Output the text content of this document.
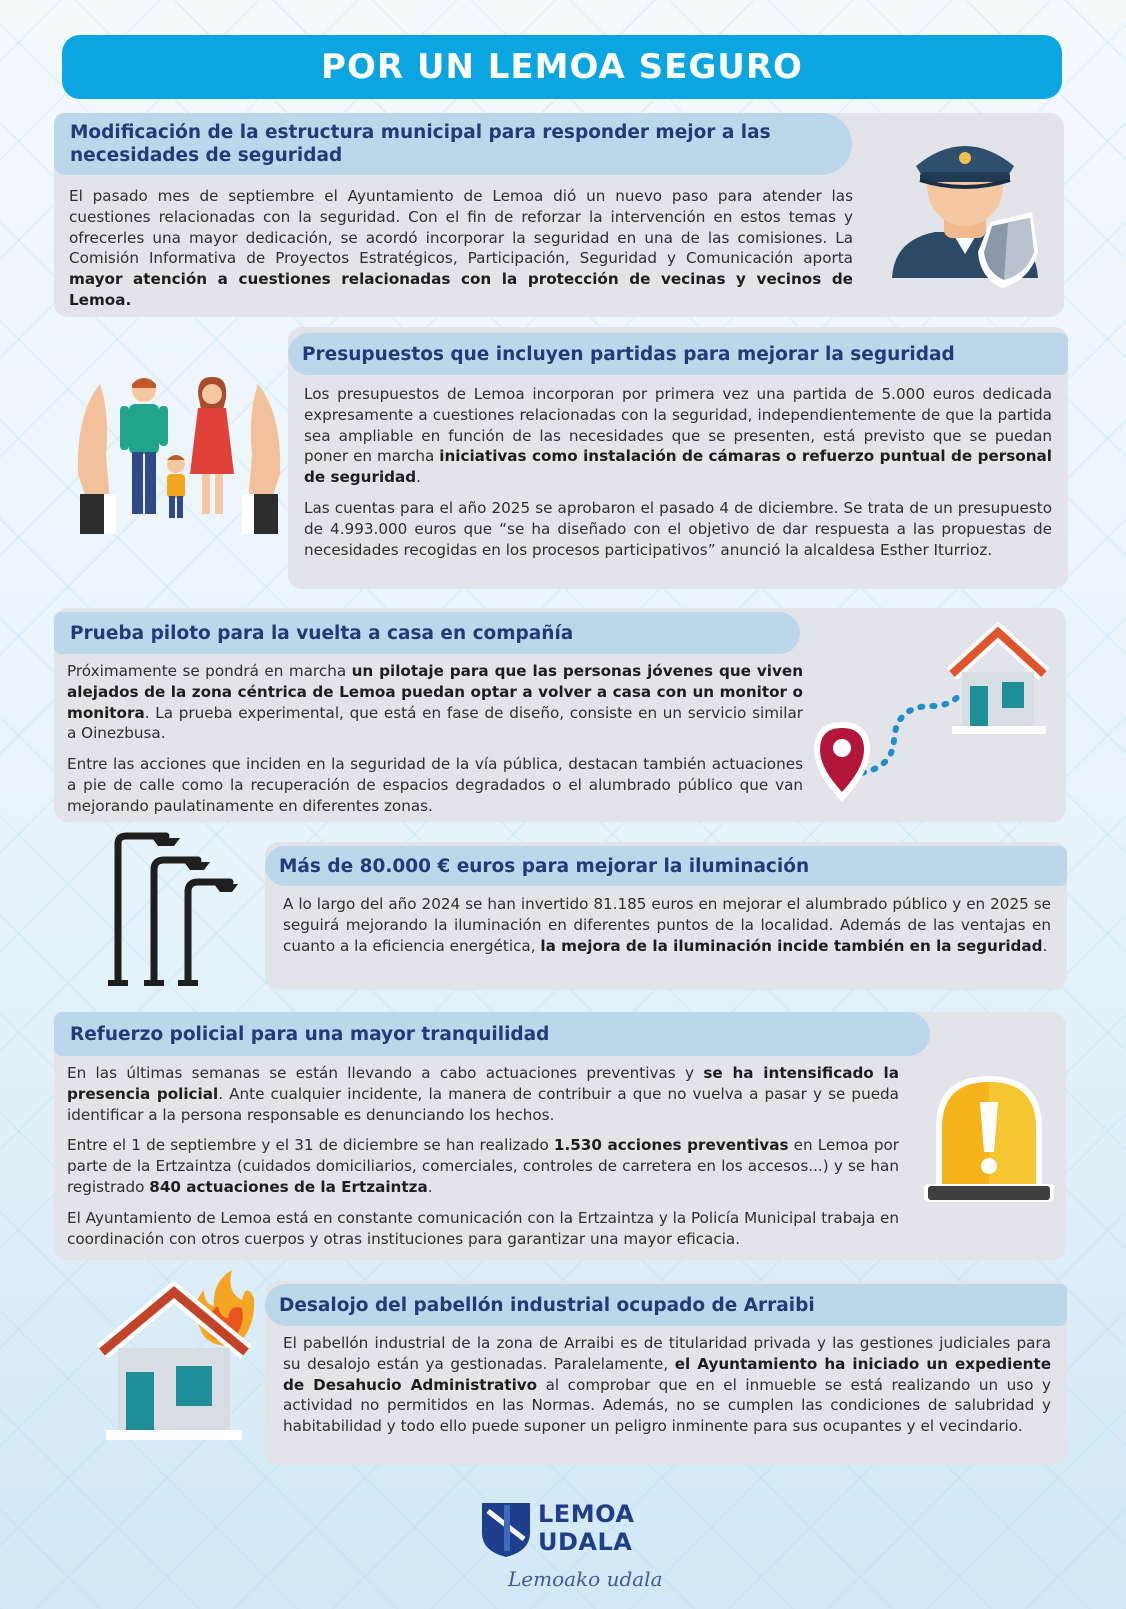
POR UN LEMOA SEGURO
Modificación de la estructura municipal para responder mejor a las necesidades de seguridad

El pasado mes de septiembre el Ayuntamiento de Lemoa dió un nuevo paso para atender las cuestiones relacionadas con la seguridad. Con el fin de reforzar la intervención en estos temas y ofrecerles una mayor dedicación, se acordó incorporar la seguridad en una de las comisiones. La Comisión Informativa de Proyectos Estratégicos, Participación, Seguridad y Comunicación aporta mayor atención a cuestiones relacionadas con la protección de vecinas y vecinos de Lemoa.

Presupuestos que incluyen partidas para mejorar la seguridad

Los presupuestos de Lemoa incorporan por primera vez una partida de 5.000 euros dedicada expresamente a cuestiones relacionadas con la seguridad, independientemente de que la partida sea ampliable en función de las necesidades que se presenten, está previsto que se puedan poner en marcha iniciativas como instalación de cámaras o refuerzo puntual de personal de seguridad.

Las cuentas para el año 2025 se aprobaron el pasado 4 de diciembre. Se trata de un presupuesto de 4.993.000 euros que “se ha diseñado con el objetivo de dar respuesta a las propuestas de necesidades recogidas en los procesos participativos” anunció la alcaldesa Esther Iturrioz.

Prueba piloto para la vuelta a casa en compañía

Próximamente se pondrá en marcha un pilotaje para que las personas jóvenes que viven alejados de la zona céntrica de Lemoa puedan optar a volver a casa con un monitor o monitora. La prueba experimental, que está en fase de diseño, consiste en un servicio similar a Oinezbusa.

Entre las acciones que inciden en la seguridad de la vía pública, destacan también actuaciones a pie de calle como la recuperación de espacios degradados o el alumbrado público que van mejorando paulatinamente en diferentes zonas.

Más de 80.000 € euros para mejorar la iluminación

A lo largo del año 2024 se han invertido 81.185 euros en mejorar el alumbrado público y en 2025 se seguirá mejorando la iluminación en diferentes puntos de la localidad. Además de las ventajas en cuanto a la eficiencia energética, la mejora de la iluminación incide también en la seguridad.

Refuerzo policial para una mayor tranquilidad

En las últimas semanas se están llevando a cabo actuaciones preventivas y se ha intensificado la presencia policial. Ante cualquier incidente, la manera de contribuir a que no vuelva a pasar y se pueda identificar a la persona responsable es denunciando los hechos.

Entre el 1 de septiembre y el 31 de diciembre se han realizado 1.530 acciones preventivas en Lemoa por parte de la Ertzaintza (cuidados domiciliarios, comerciales, controles de carretera en los accesos...) y se han registrado 840 actuaciones de la Ertzaintza.

El Ayuntamiento de Lemoa está en constante comunicación con la Ertzaintza y la Policía Municipal trabaja en coordinación con otros cuerpos y otras instituciones para garantizar una mayor eficacia.

Desalojo del pabellón industrial ocupado de Arraibi

El pabellón industrial de la zona de Arraibi es de titularidad privada y las gestiones judiciales para su desalojo están ya gestionadas. Paralelamente, el Ayuntamiento ha iniciado un expediente de Desahucio Administrativo al comprobar que en el inmueble se está realizando un uso y actividad no permitidos en las Normas. Además, no se cumplen las condiciones de salubridad y habitabilidad y todo ello puede suponer un peligro inminente para sus ocupantes y el vecindario.

LEMOA
UDALA
Lemoako udala
